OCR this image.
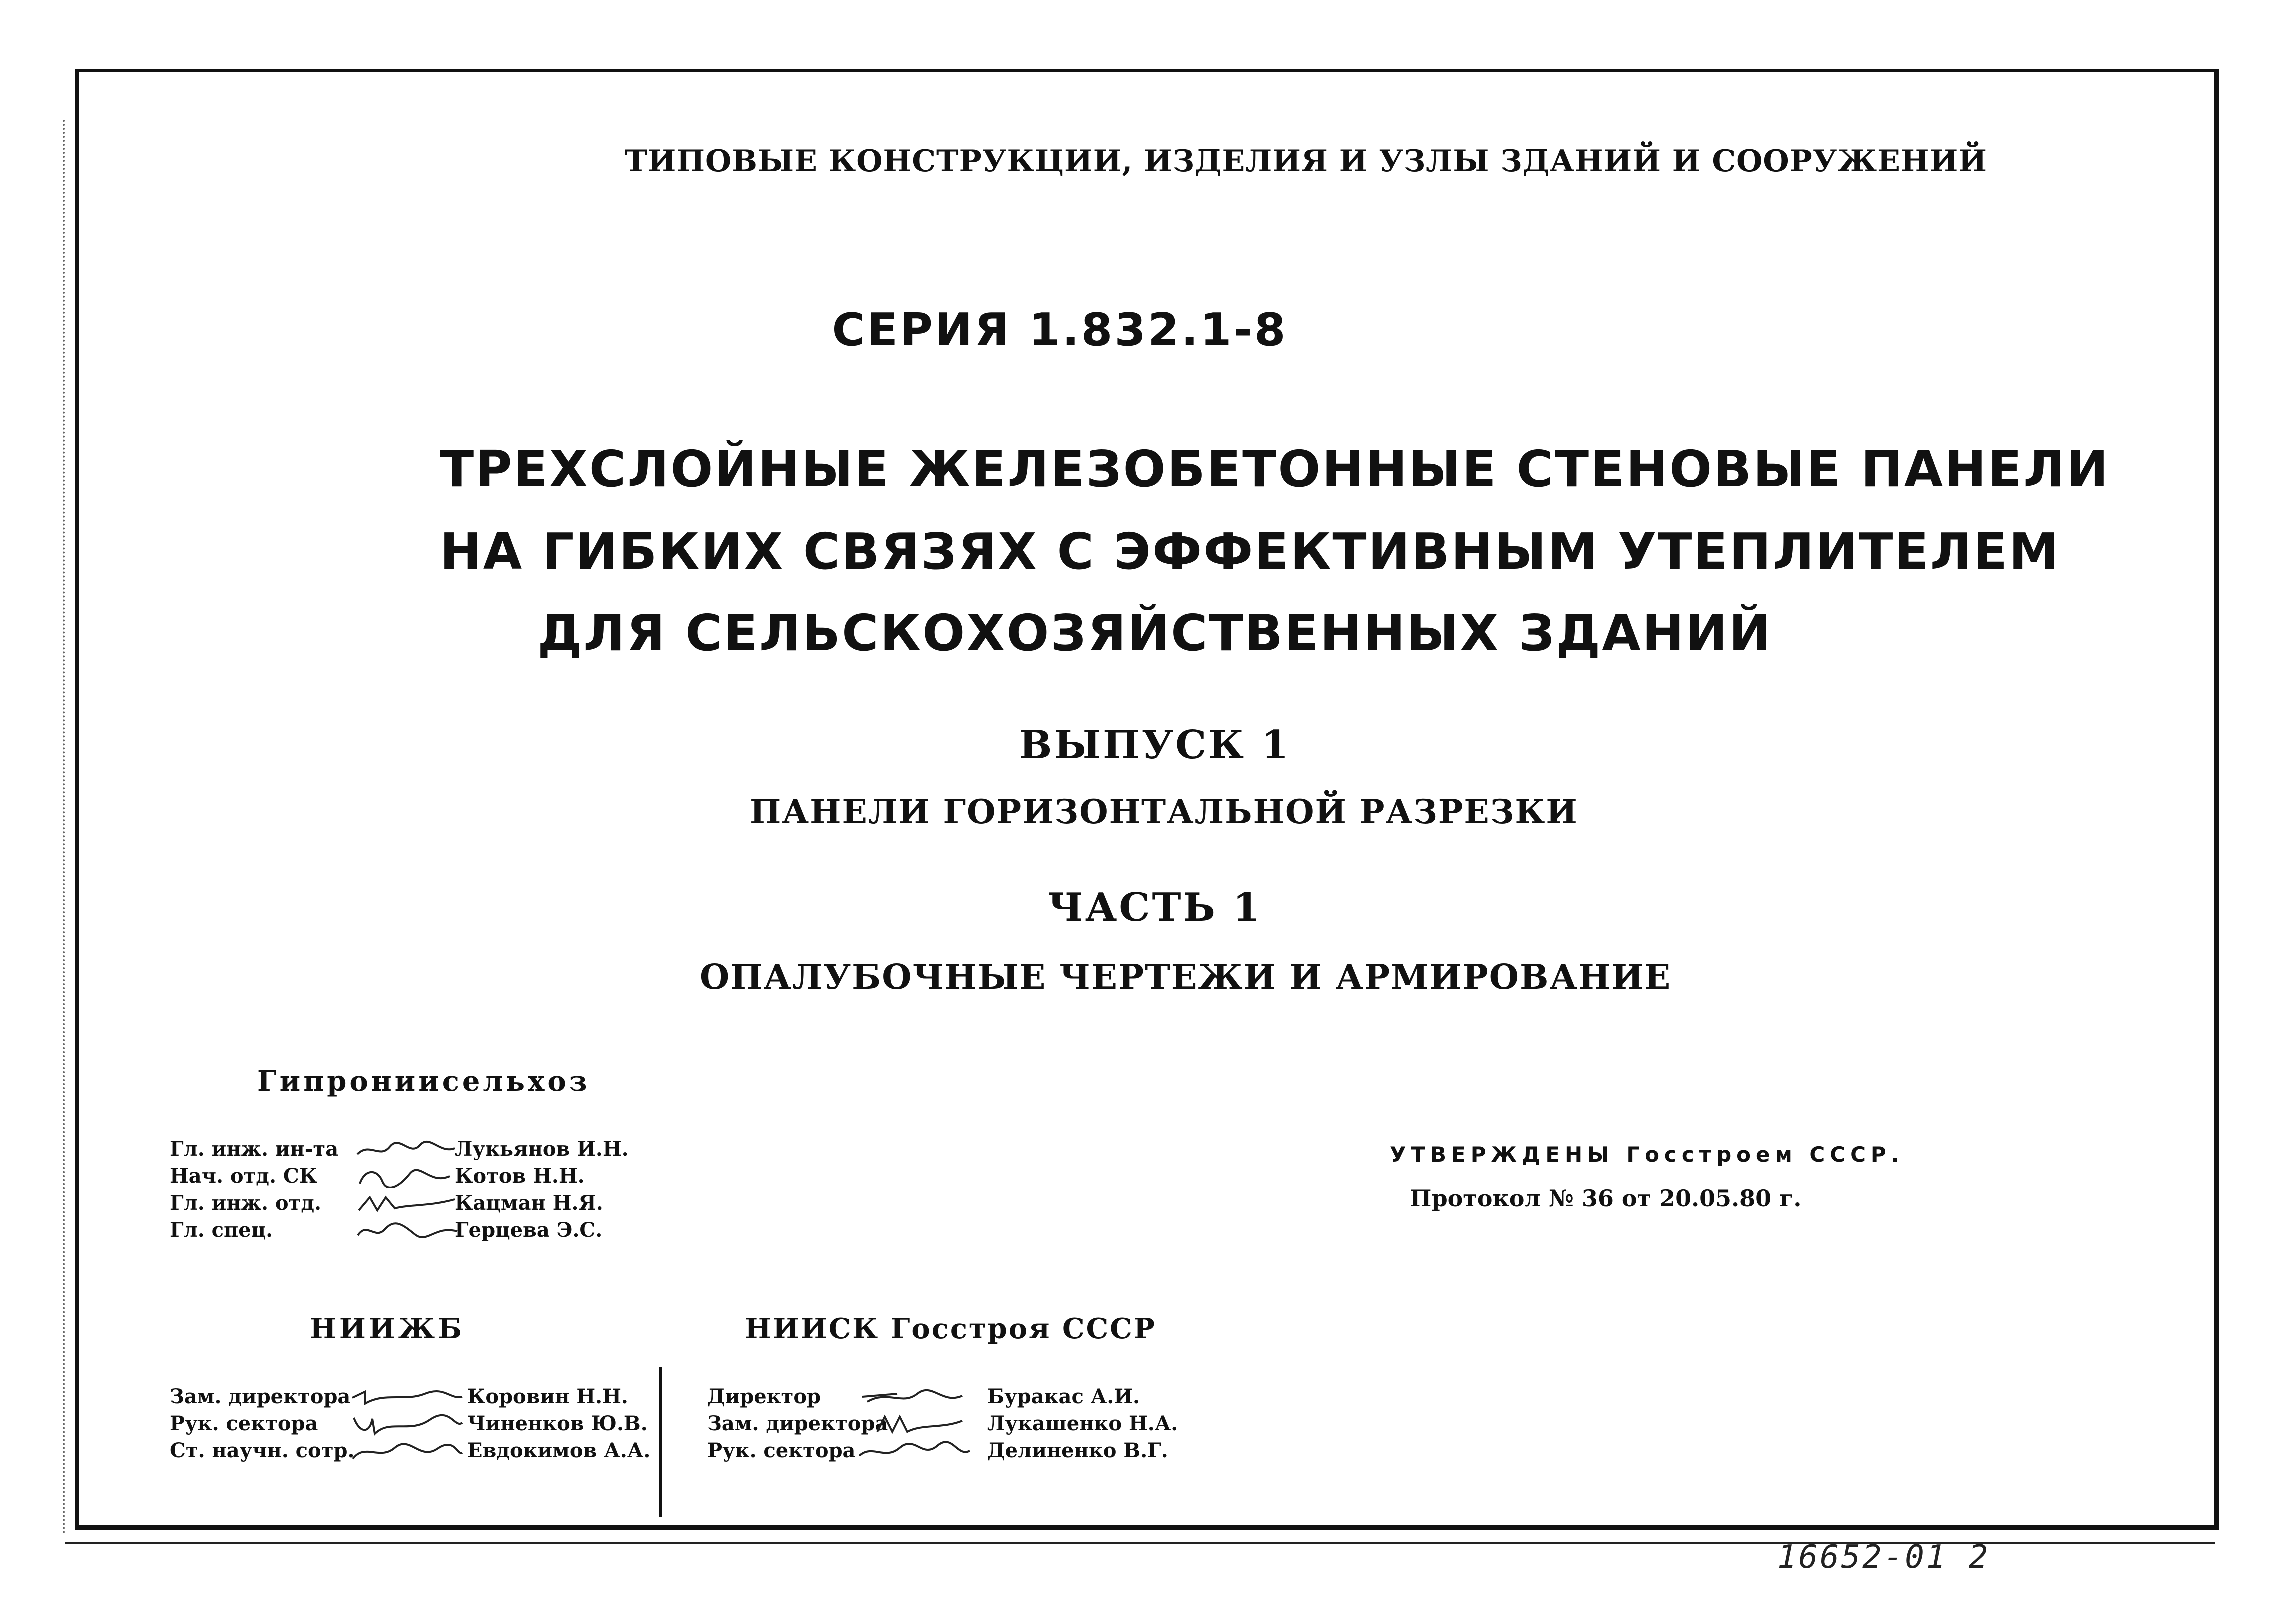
ТИПОВЫЕ КОНСТРУКЦИИ, ИЗДЕЛИЯ И УЗЛЫ ЗДАНИЙ И СООРУЖЕНИЙ
СЕРИЯ 1.832.1-8
ТРЕХСЛОЙНЫЕ ЖЕЛЕЗОБЕТОННЫЕ СТЕНОВЫЕ ПАНЕЛИ
НА ГИБКИХ СВЯЗЯХ С ЭФФЕКТИВНЫМ УТЕПЛИТЕЛЕМ
ДЛЯ СЕЛЬСКОХОЗЯЙСТВЕННЫХ ЗДАНИЙ
ВЫПУСК 1
ПАНЕЛИ ГОРИЗОНТАЛЬНОЙ РАЗРЕЗКИ
ЧАСТЬ 1
ОПАЛУБОЧНЫЕ ЧЕРТЕЖИ И АРМИРОВАНИЕ
Гипрониисельхоз
Гл. инж. ин-та	Лукьянов И.Н.
Нач. отд. СК	Котов Н.Н.
Гл. инж. отд.	Кацман Н.Я.
Гл. спец.	Герцева Э.С.
НИИЖБ
Зам. директора	Коровин Н.Н.
Рук. сектора	Чиненков Ю.В.
Ст. научн. сотр.	Евдокимов А.А.
НИИСК Госстроя СССР
Директор	Буракас А.И.
Зам. директора	Лукашенко Н.А.
Рук. сектора	Делиненко В.Г.
УТВЕРЖДЕНЫ Госстроем СССР.
Протокол № 36 от 20.05.80 г.
16652-01 2
